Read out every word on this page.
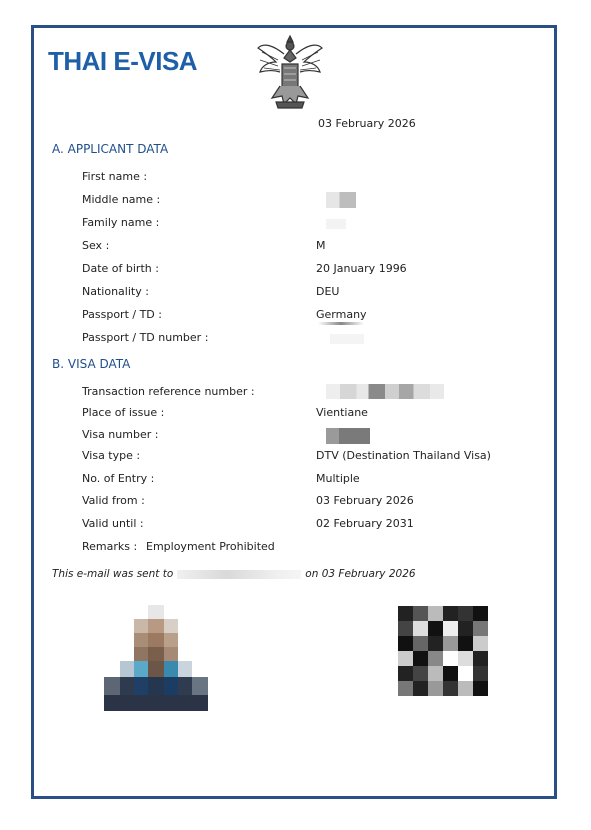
THAI E-VISA
03 February 2026
A. APPLICANT DATA
First name :
Middle name :
Family name :
Sex :	M
Date of birth :	20 January 1996
Nationality :	DEU
Passport / TD :	Germany
Passport / TD number :
B. VISA DATA
Transaction reference number :
Place of issue :	Vientiane
Visa number :
Visa type :	DTV (Destination Thailand Visa)
No. of Entry :	Multiple
Valid from :	03 February 2026
Valid until :	02 February 2031
Remarks : Employment Prohibited
This e-mail was sent to	on 03 February 2026
